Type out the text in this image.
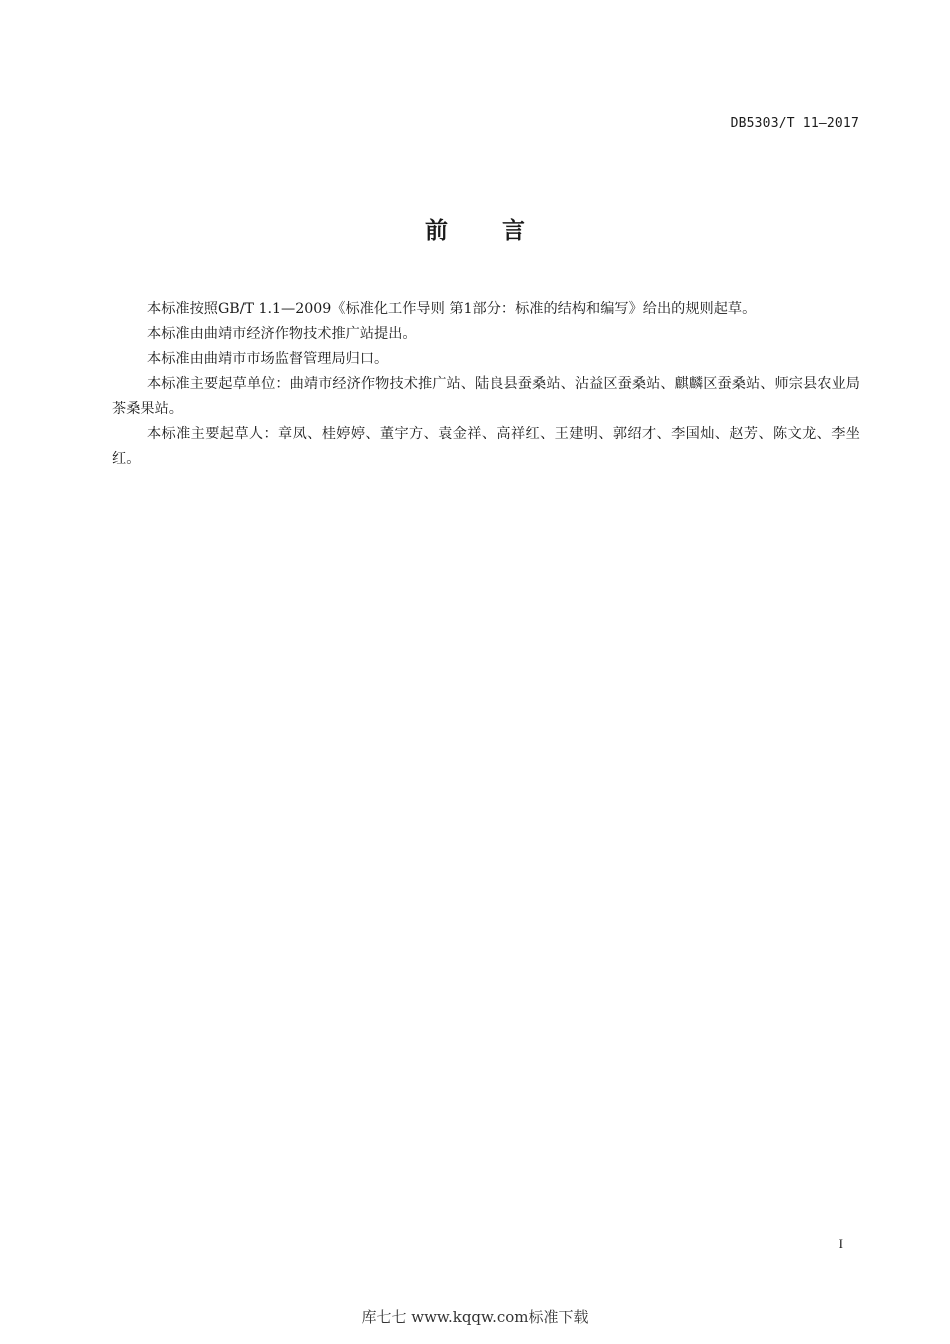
DB5303/T 11—2017
前 言

本标准按照GB/T 1.1—2009《标准化工作导则 第1部分：标准的结构和编写》给出的规则起草。

本标准由曲靖市经济作物技术推广站提出。

本标准由曲靖市市场监督管理局归口。

本标准主要起草单位：曲靖市经济作物技术推广站、陆良县蚕桑站、沾益区蚕桑站、麒麟区蚕桑站、师宗县农业局茶桑果站。

本标准主要起草人：章凤、桂婷婷、董宇方、袁金祥、高祥红、王建明、郭绍才、李国灿、赵芳、陈文龙、李坐红。

I
库七七 www.kqqw.com标准下载
